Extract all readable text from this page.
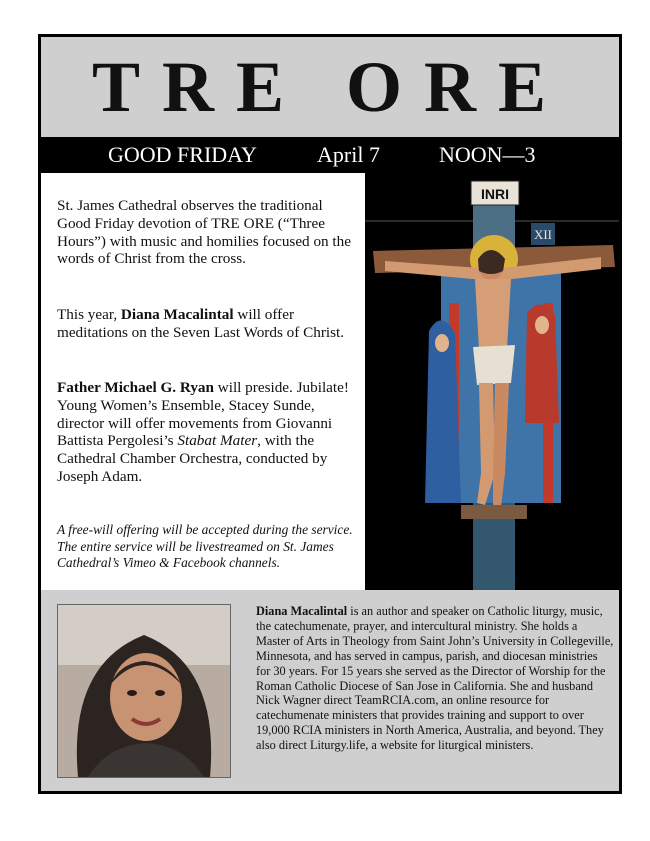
TRE ORE
GOOD FRIDAY	April 7	NOON—3

St. James Cathedral observes the traditional Good Friday devotion of TRE ORE (“Three Hours”) with music and homilies focused on the words of Christ from the cross.

This year, Diana Macalintal will offer meditations on the Seven Last Words of Christ.

Father Michael G. Ryan will preside. Jubilate! Young Women’s Ensemble, Stacey Sunde, director will offer movements from Giovanni Battista Pergolesi’s Stabat Mater, with the Cathedral Chamber Orchestra, conducted by Joseph Adam.

A free-will offering will be accepted during the service. The entire service will be livestreamed on St. James Cathedral’s Vimeo & Facebook channels.

INRI
XII

Diana Macalintal is an author and speaker on Catholic liturgy, music, the catechumenate, prayer, and intercultural ministry. She holds a Master of Arts in Theology from Saint John’s University in Collegeville, Minnesota, and has served in campus, parish, and diocesan ministries for 30 years. For 15 years she served as the Director of Worship for the Roman Catholic Diocese of San Jose in California. She and husband Nick Wagner direct TeamRCIA.com, an online resource for catechumenate ministers that provides training and support to over 19,000 RCIA ministers in North America, Australia, and beyond. They also direct Liturgy.life, a website for liturgical ministers.
